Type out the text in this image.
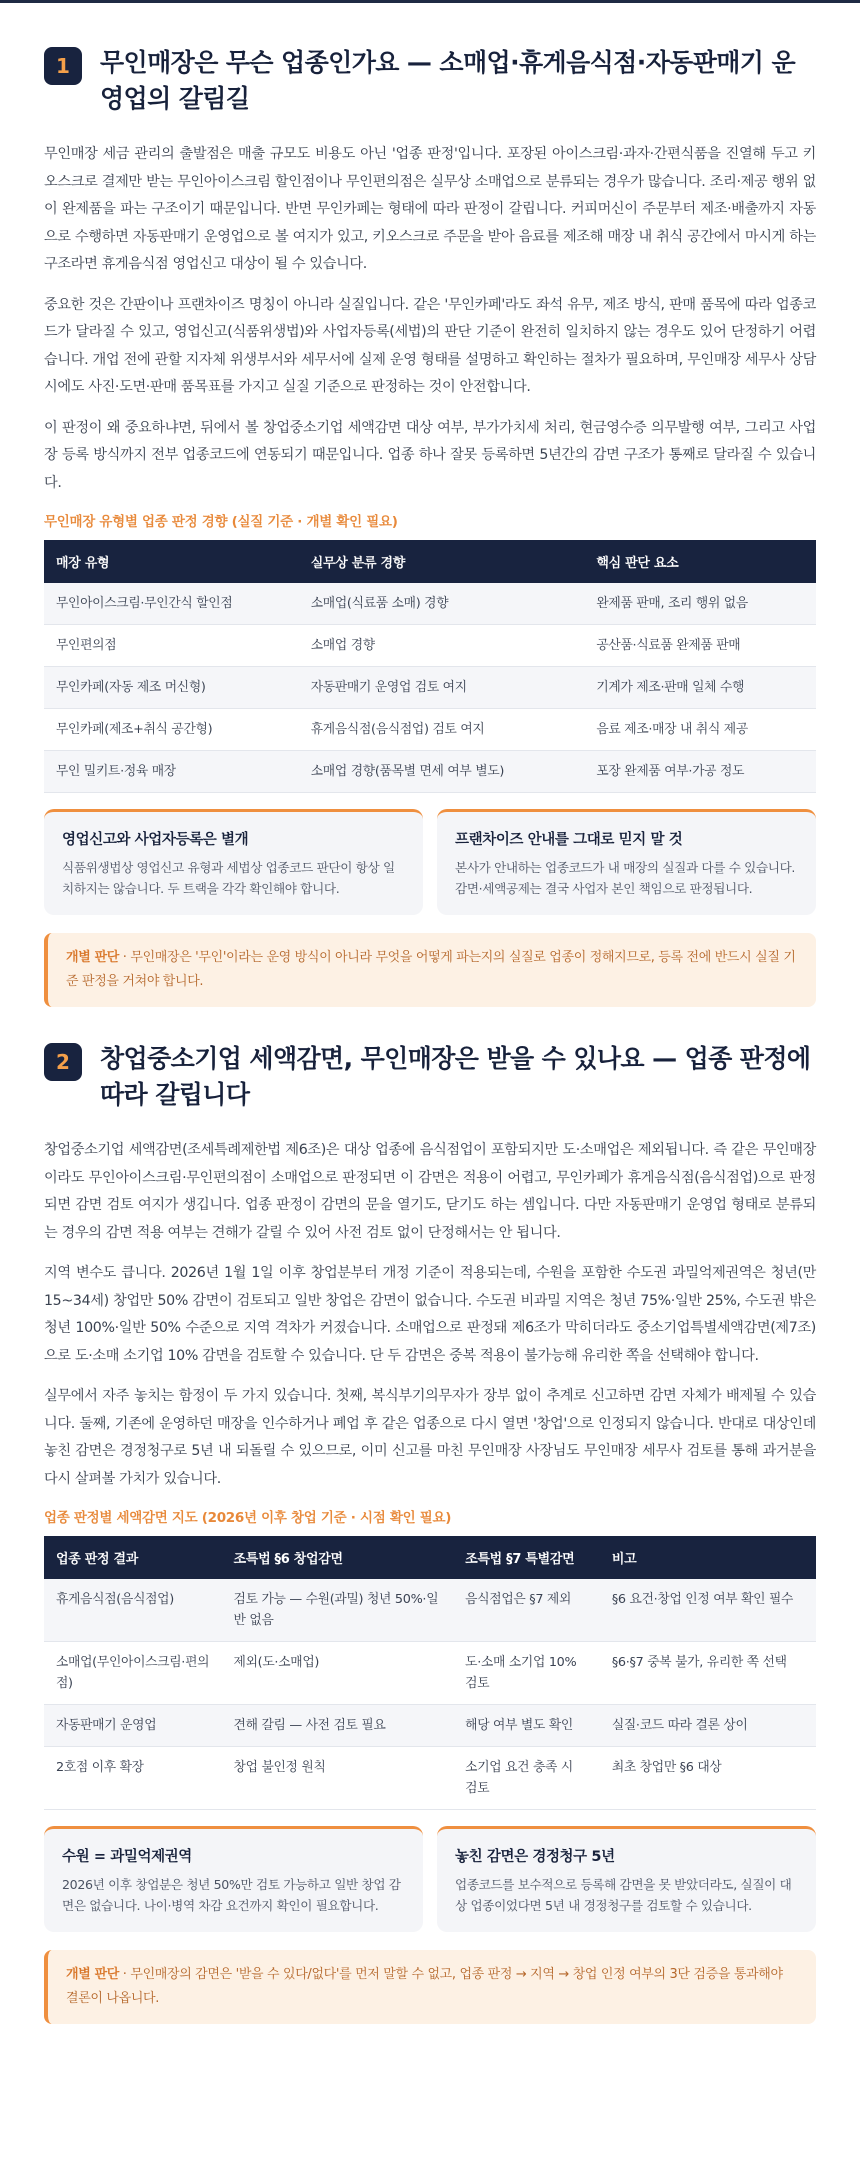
1	무인매장은 무슨 업종인가요 — 소매업·휴게음식점·자동판매기 운영업의 갈림길

무인매장 세금 관리의 출발점은 매출 규모도 비용도 아닌 '업종 판정'입니다. 포장된 아이스크림·과자·간편식품을 진열해 두고 키오스크로 결제만 받는 무인아이스크림 할인점이나 무인편의점은 실무상 소매업으로 분류되는 경우가 많습니다. 조리·제공 행위 없이 완제품을 파는 구조이기 때문입니다. 반면 무인카페는 형태에 따라 판정이 갈립니다. 커피머신이 주문부터 제조·배출까지 자동으로 수행하면 자동판매기 운영업으로 볼 여지가 있고, 키오스크로 주문을 받아 음료를 제조해 매장 내 취식 공간에서 마시게 하는 구조라면 휴게음식점 영업신고 대상이 될 수 있습니다.

중요한 것은 간판이나 프랜차이즈 명칭이 아니라 실질입니다. 같은 '무인카페'라도 좌석 유무, 제조 방식, 판매 품목에 따라 업종코드가 달라질 수 있고, 영업신고(식품위생법)와 사업자등록(세법)의 판단 기준이 완전히 일치하지 않는 경우도 있어 단정하기 어렵습니다. 개업 전에 관할 지자체 위생부서와 세무서에 실제 운영 형태를 설명하고 확인하는 절차가 필요하며, 무인매장 세무사 상담 시에도 사진·도면·판매 품목표를 가지고 실질 기준으로 판정하는 것이 안전합니다.

이 판정이 왜 중요하냐면, 뒤에서 볼 창업중소기업 세액감면 대상 여부, 부가가치세 처리, 현금영수증 의무발행 여부, 그리고 사업장 등록 방식까지 전부 업종코드에 연동되기 때문입니다. 업종 하나 잘못 등록하면 5년간의 감면 구조가 통째로 달라질 수 있습니다.

무인매장 유형별 업종 판정 경향 (실질 기준 · 개별 확인 필요)
매장 유형	실무상 분류 경향	핵심 판단 요소
무인아이스크림·무인간식 할인점	소매업(식료품 소매) 경향	완제품 판매, 조리 행위 없음
무인편의점	소매업 경향	공산품·식료품 완제품 판매
무인카페(자동 제조 머신형)	자동판매기 운영업 검토 여지	기계가 제조·판매 일체 수행
무인카페(제조+취식 공간형)	휴게음식점(음식점업) 검토 여지	음료 제조·매장 내 취식 제공
무인 밀키트·정육 매장	소매업 경향(품목별 면세 여부 별도)	포장 완제품 여부·가공 정도
영업신고와 사업자등록은 별개
식품위생법상 영업신고 유형과 세법상 업종코드 판단이 항상 일치하지는 않습니다. 두 트랙을 각각 확인해야 합니다.
프랜차이즈 안내를 그대로 믿지 말 것
본사가 안내하는 업종코드가 내 매장의 실질과 다를 수 있습니다. 감면·세액공제는 결국 사업자 본인 책임으로 판정됩니다.
개별 판단 · 무인매장은 '무인'이라는 운영 방식이 아니라 무엇을 어떻게 파는지의 실질로 업종이 정해지므로, 등록 전에 반드시 실질 기준 판정을 거쳐야 합니다.
2	창업중소기업 세액감면, 무인매장은 받을 수 있나요 — 업종 판정에 따라 갈립니다

창업중소기업 세액감면(조세특례제한법 제6조)은 대상 업종에 음식점업이 포함되지만 도·소매업은 제외됩니다. 즉 같은 무인매장이라도 무인아이스크림·무인편의점이 소매업으로 판정되면 이 감면은 적용이 어렵고, 무인카페가 휴게음식점(음식점업)으로 판정되면 감면 검토 여지가 생깁니다. 업종 판정이 감면의 문을 열기도, 닫기도 하는 셈입니다. 다만 자동판매기 운영업 형태로 분류되는 경우의 감면 적용 여부는 견해가 갈릴 수 있어 사전 검토 없이 단정해서는 안 됩니다.

지역 변수도 큽니다. 2026년 1월 1일 이후 창업분부터 개정 기준이 적용되는데, 수원을 포함한 수도권 과밀억제권역은 청년(만 15~34세) 창업만 50% 감면이 검토되고 일반 창업은 감면이 없습니다. 수도권 비과밀 지역은 청년 75%·일반 25%, 수도권 밖은 청년 100%·일반 50% 수준으로 지역 격차가 커졌습니다. 소매업으로 판정돼 제6조가 막히더라도 중소기업특별세액감면(제7조)으로 도·소매 소기업 10% 감면을 검토할 수 있습니다. 단 두 감면은 중복 적용이 불가능해 유리한 쪽을 선택해야 합니다.

실무에서 자주 놓치는 함정이 두 가지 있습니다. 첫째, 복식부기의무자가 장부 없이 추계로 신고하면 감면 자체가 배제될 수 있습니다. 둘째, 기존에 운영하던 매장을 인수하거나 폐업 후 같은 업종으로 다시 열면 '창업'으로 인정되지 않습니다. 반대로 대상인데 놓친 감면은 경정청구로 5년 내 되돌릴 수 있으므로, 이미 신고를 마친 무인매장 사장님도 무인매장 세무사 검토를 통해 과거분을 다시 살펴볼 가치가 있습니다.

업종 판정별 세액감면 지도 (2026년 이후 창업 기준 · 시점 확인 필요)
업종 판정 결과	조특법 §6 창업감면	조특법 §7 특별감면	비고
휴게음식점(음식점업)	검토 가능 — 수원(과밀) 청년 50%·일반 없음	음식점업은 §7 제외	§6 요건·창업 인정 여부 확인 필수
소매업(무인아이스크림·편의점)	제외(도·소매업)	도·소매 소기업 10% 검토	§6·§7 중복 불가, 유리한 쪽 선택
자동판매기 운영업	견해 갈림 — 사전 검토 필요	해당 여부 별도 확인	실질·코드 따라 결론 상이
2호점 이후 확장	창업 불인정 원칙	소기업 요건 충족 시 검토	최초 창업만 §6 대상
수원 = 과밀억제권역
2026년 이후 창업분은 청년 50%만 검토 가능하고 일반 창업 감면은 없습니다. 나이·병역 차감 요건까지 확인이 필요합니다.
놓친 감면은 경정청구 5년
업종코드를 보수적으로 등록해 감면을 못 받았더라도, 실질이 대상 업종이었다면 5년 내 경정청구를 검토할 수 있습니다.
개별 판단 · 무인매장의 감면은 '받을 수 있다/없다'를 먼저 말할 수 없고, 업종 판정 → 지역 → 창업 인정 여부의 3단 검증을 통과해야 결론이 나옵니다.
